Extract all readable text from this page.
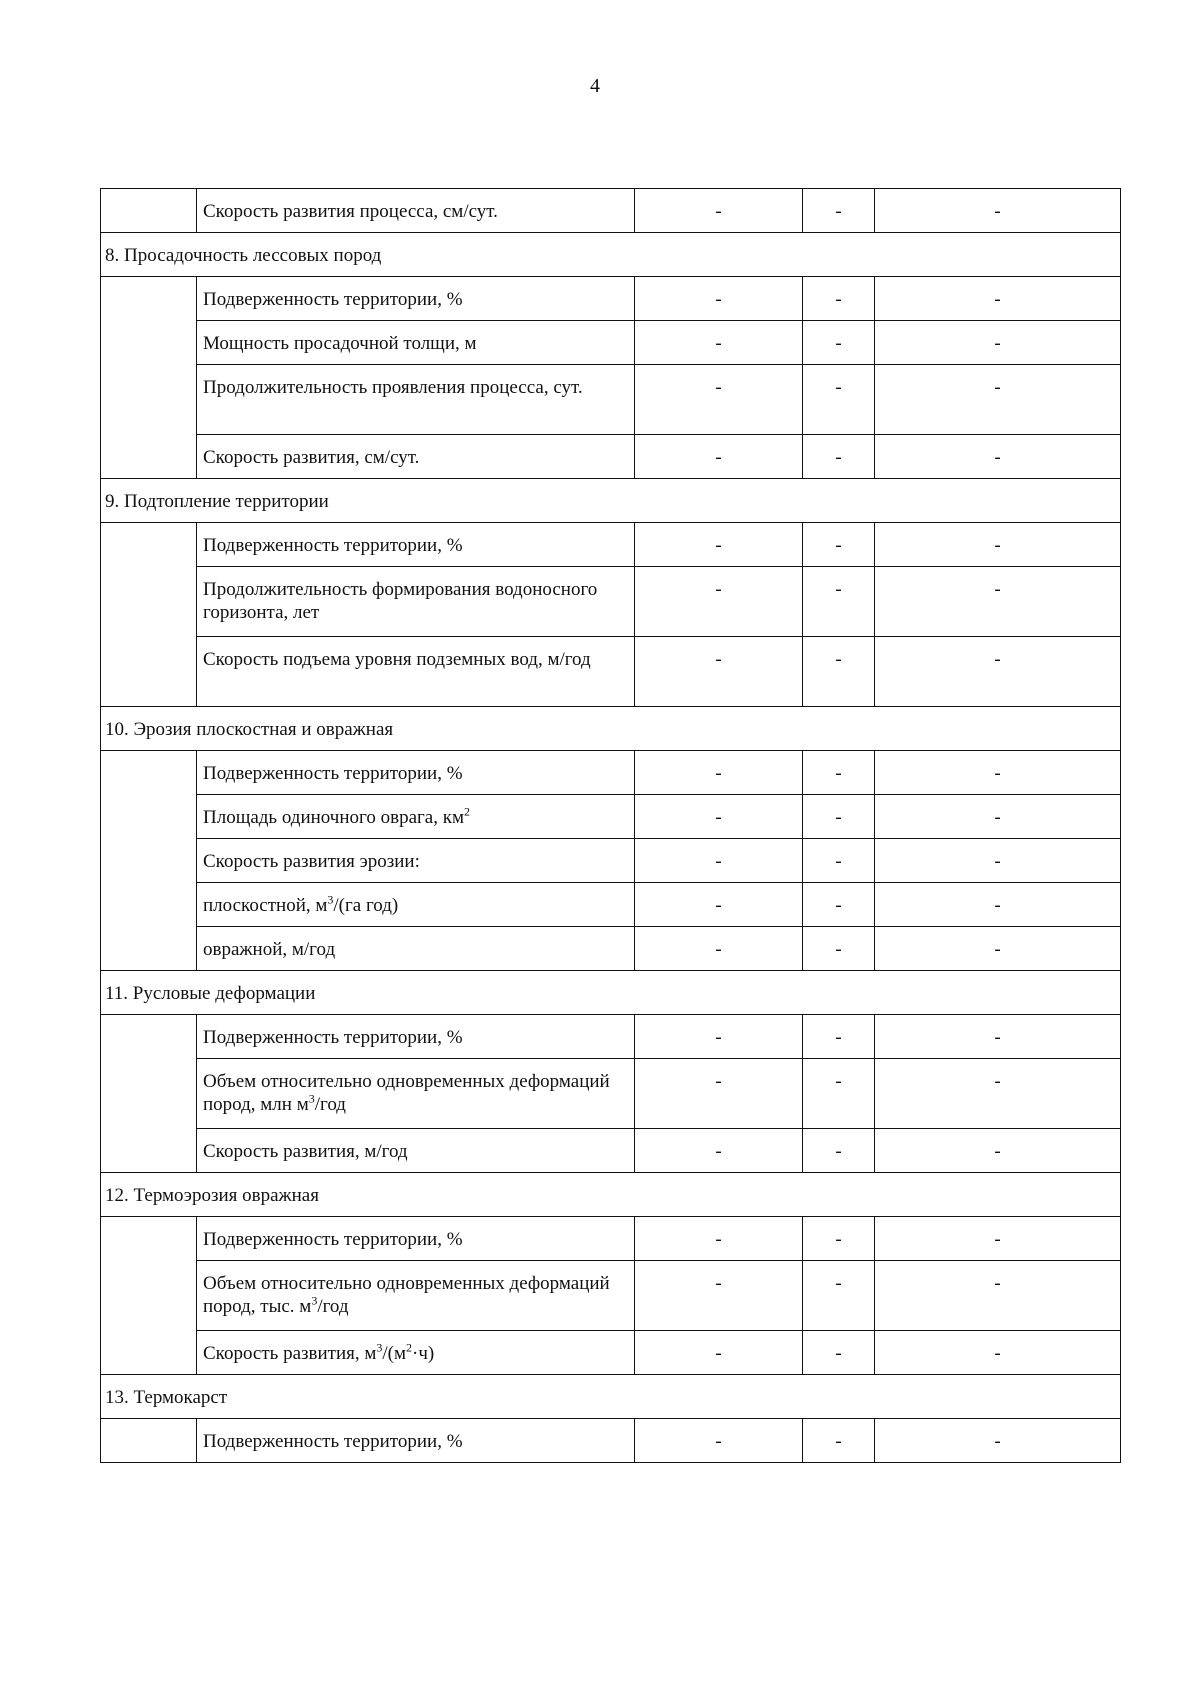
4
	Скорость развития процесса, см/сут.	-	-	-
8. Просадочность лессовых пород				
	Подверженность территории, %	-	-	-
	Мощность просадочной толщи, м	-	-	-
	Продолжительность проявления процесса, сут.	-	-	-
	Скорость развития, см/сут.	-	-	-
9. Подтопление территории				
	Подверженность территории, %	-	-	-
	Продолжительность формирования водоносного горизонта, лет	-	-	-
	Скорость подъема уровня подземных вод, м/год	-	-	-
10. Эрозия плоскостная и овражная				
	Подверженность территории, %	-	-	-
	Площадь одиночного оврага, $км^2$	-	-	-
	Скорость развития эрозии:	-	-	-
	плоскостной, $м^3/(га$ год)	-	-	-
	овражной, м/год	-	-	-
11. Русловые деформации				
	Подверженность территории, %	-	-	-
	Объем относительно одновременных деформаций пород, млн $м^3$/год	-	-	-
	Скорость развития, м/год	-	-	-
12. Термоэрозия овражная				
	Подверженность территории, %	-	-	-
	Объем относительно одновременных деформаций пород, тыс. $м^3$/год	-	-	-
	Скорость развития, $м^3/(м^2\cdot ч)$	-	-	-
13. Термокарст				
	Подверженность территории, %	-	-	-
